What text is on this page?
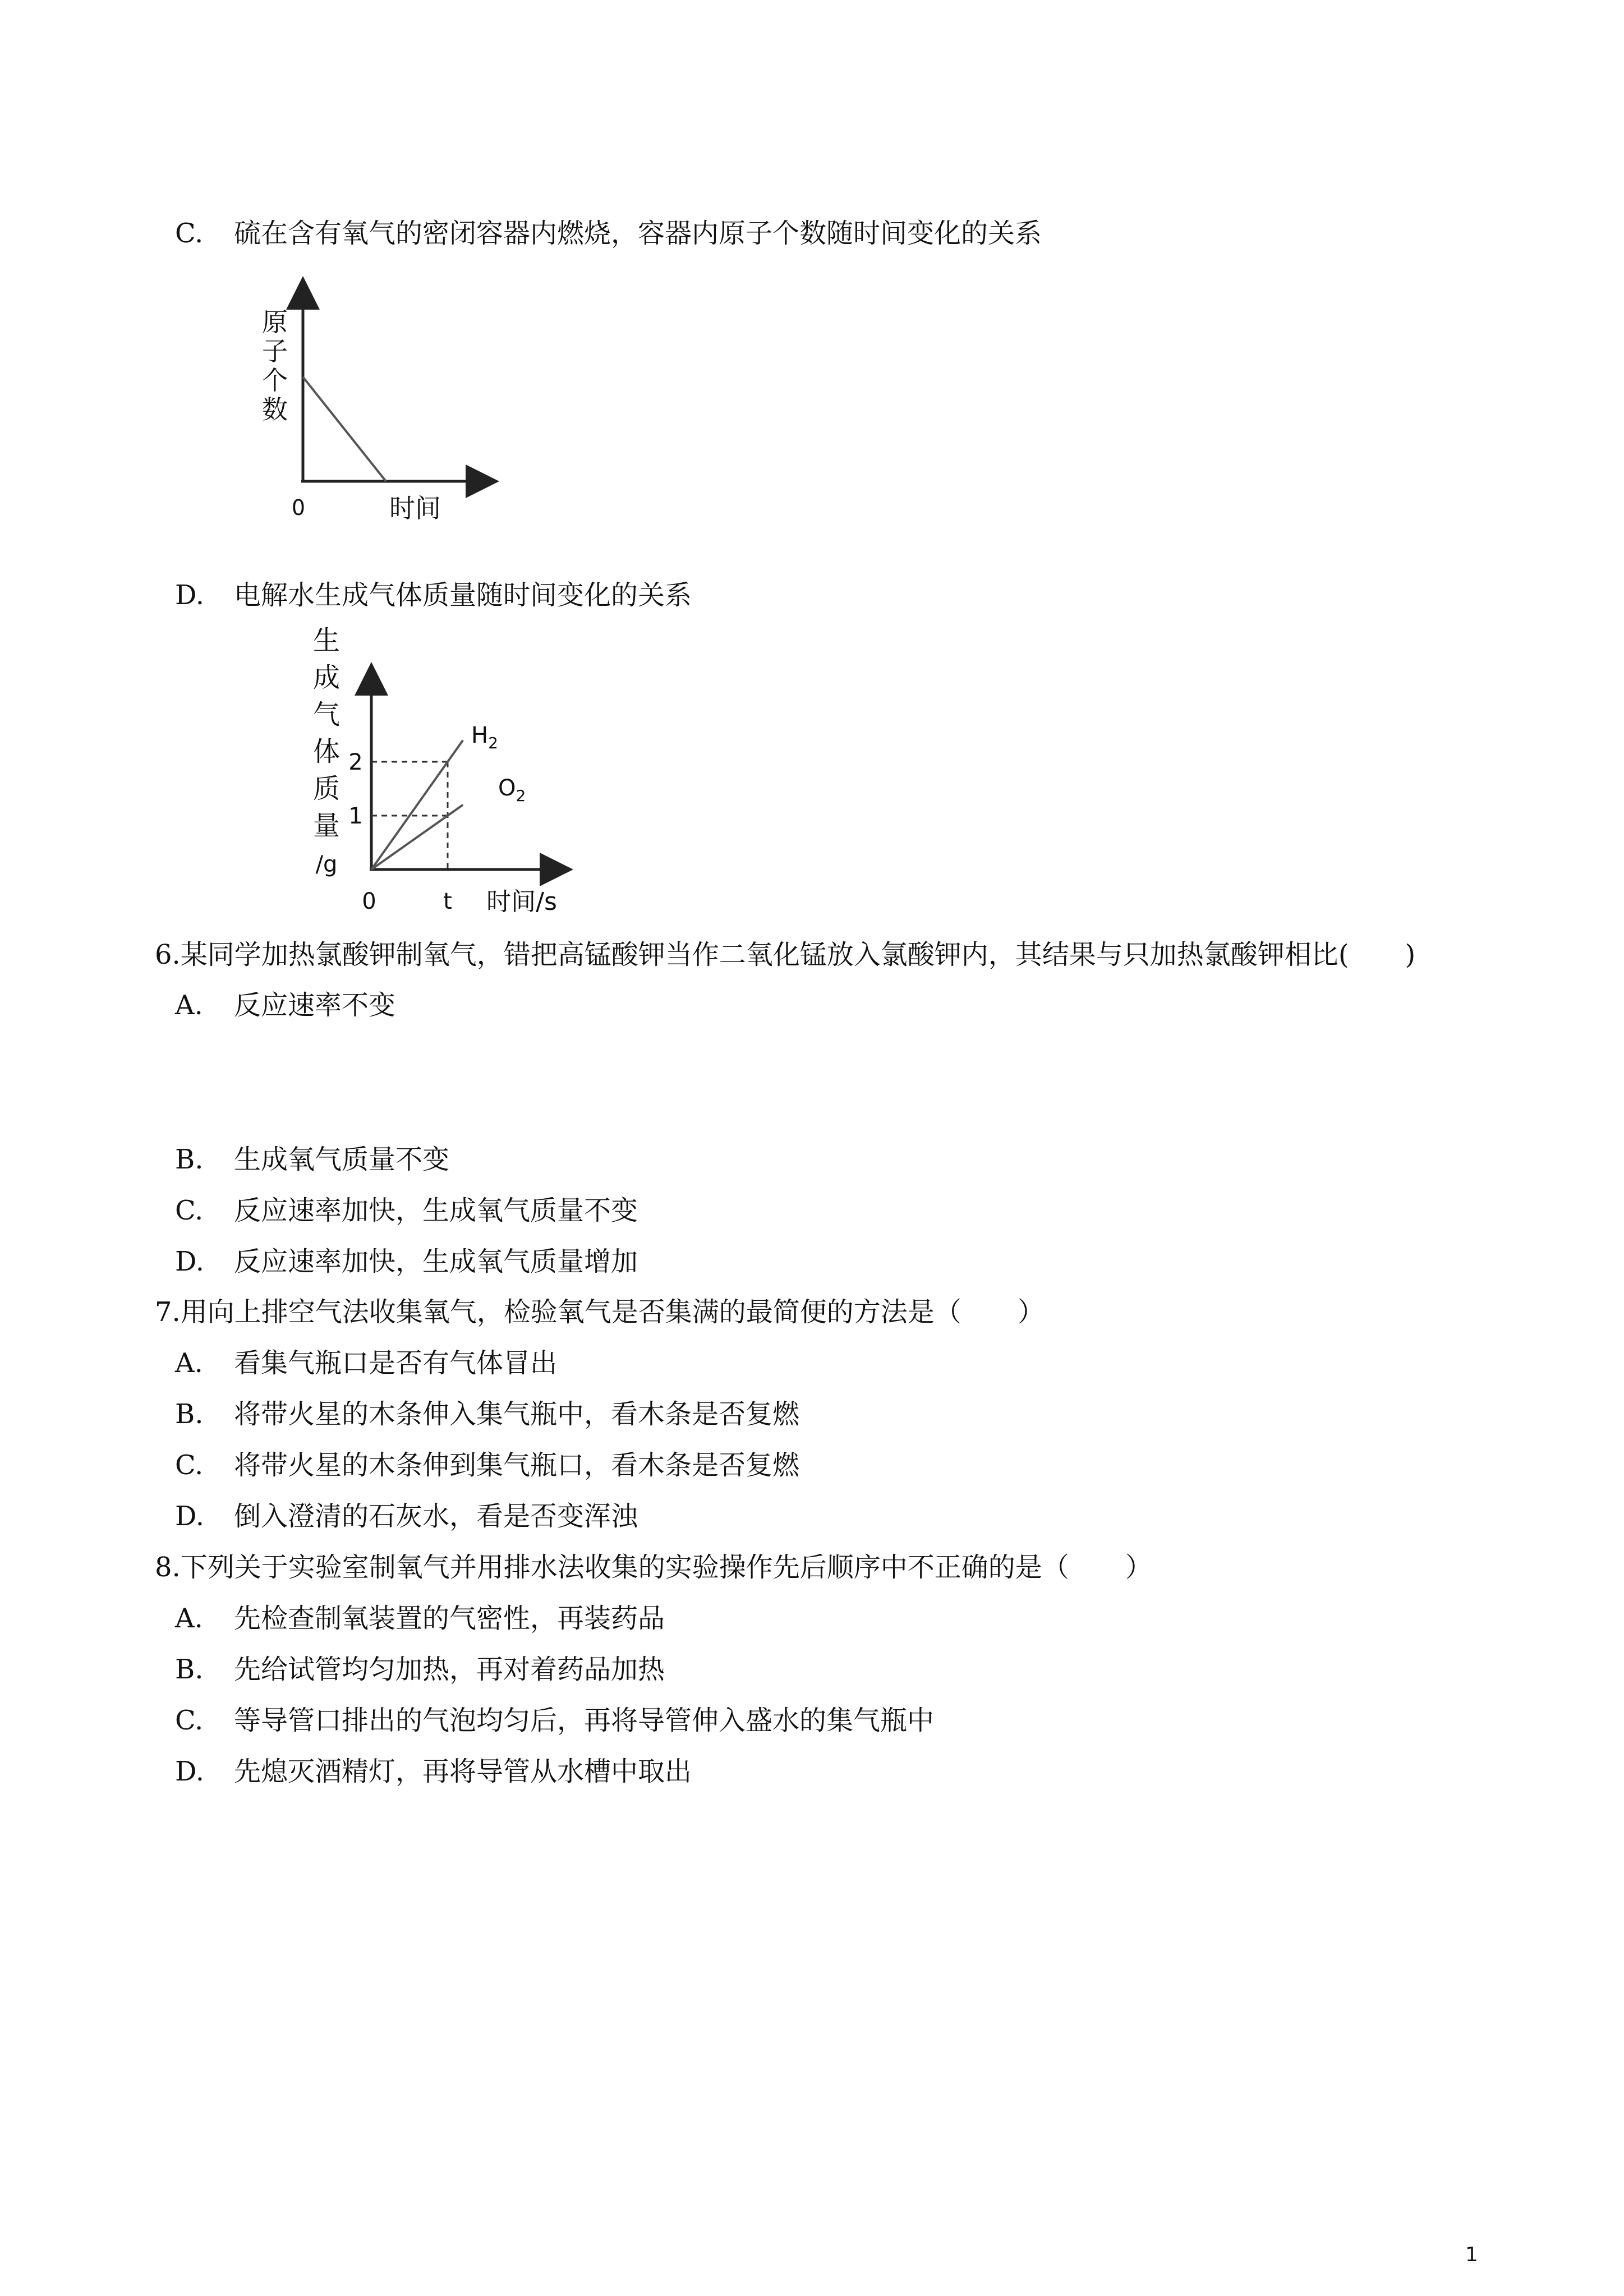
C. 硫在含有氧气的密闭容器内燃烧，容器内原子个数随时间变化的关系
原
子
个
数
0	时间
D. 电解水生成气体质量随时间变化的关系
生
成
气
体
质
量
/g
2
1
0	t 时间/s
$H_2$
$O_2$
6.某同学加热氯酸钾制氧气，错把高锰酸钾当作二氧化锰放入氯酸钾内，其结果与只加热氯酸钾相比( )
A. 反应速率不变
B. 生成氧气质量不变
C. 反应速率加快，生成氧气质量不变
D. 反应速率加快，生成氧气质量增加
7.用向上排空气法收集氧气，检验氧气是否集满的最简便的方法是（ ）
A. 看集气瓶口是否有气体冒出
B. 将带火星的木条伸入集气瓶中，看木条是否复燃
C. 将带火星的木条伸到集气瓶口，看木条是否复燃
D. 倒入澄清的石灰水，看是否变浑浊
8.下列关于实验室制氧气并用排水法收集的实验操作先后顺序中不正确的是（ ）
A. 先检查制氧装置的气密性，再装药品
B. 先给试管均匀加热，再对着药品加热
C. 等导管口排出的气泡均匀后，再将导管伸入盛水的集气瓶中
D. 先熄灭酒精灯，再将导管从水槽中取出
1
